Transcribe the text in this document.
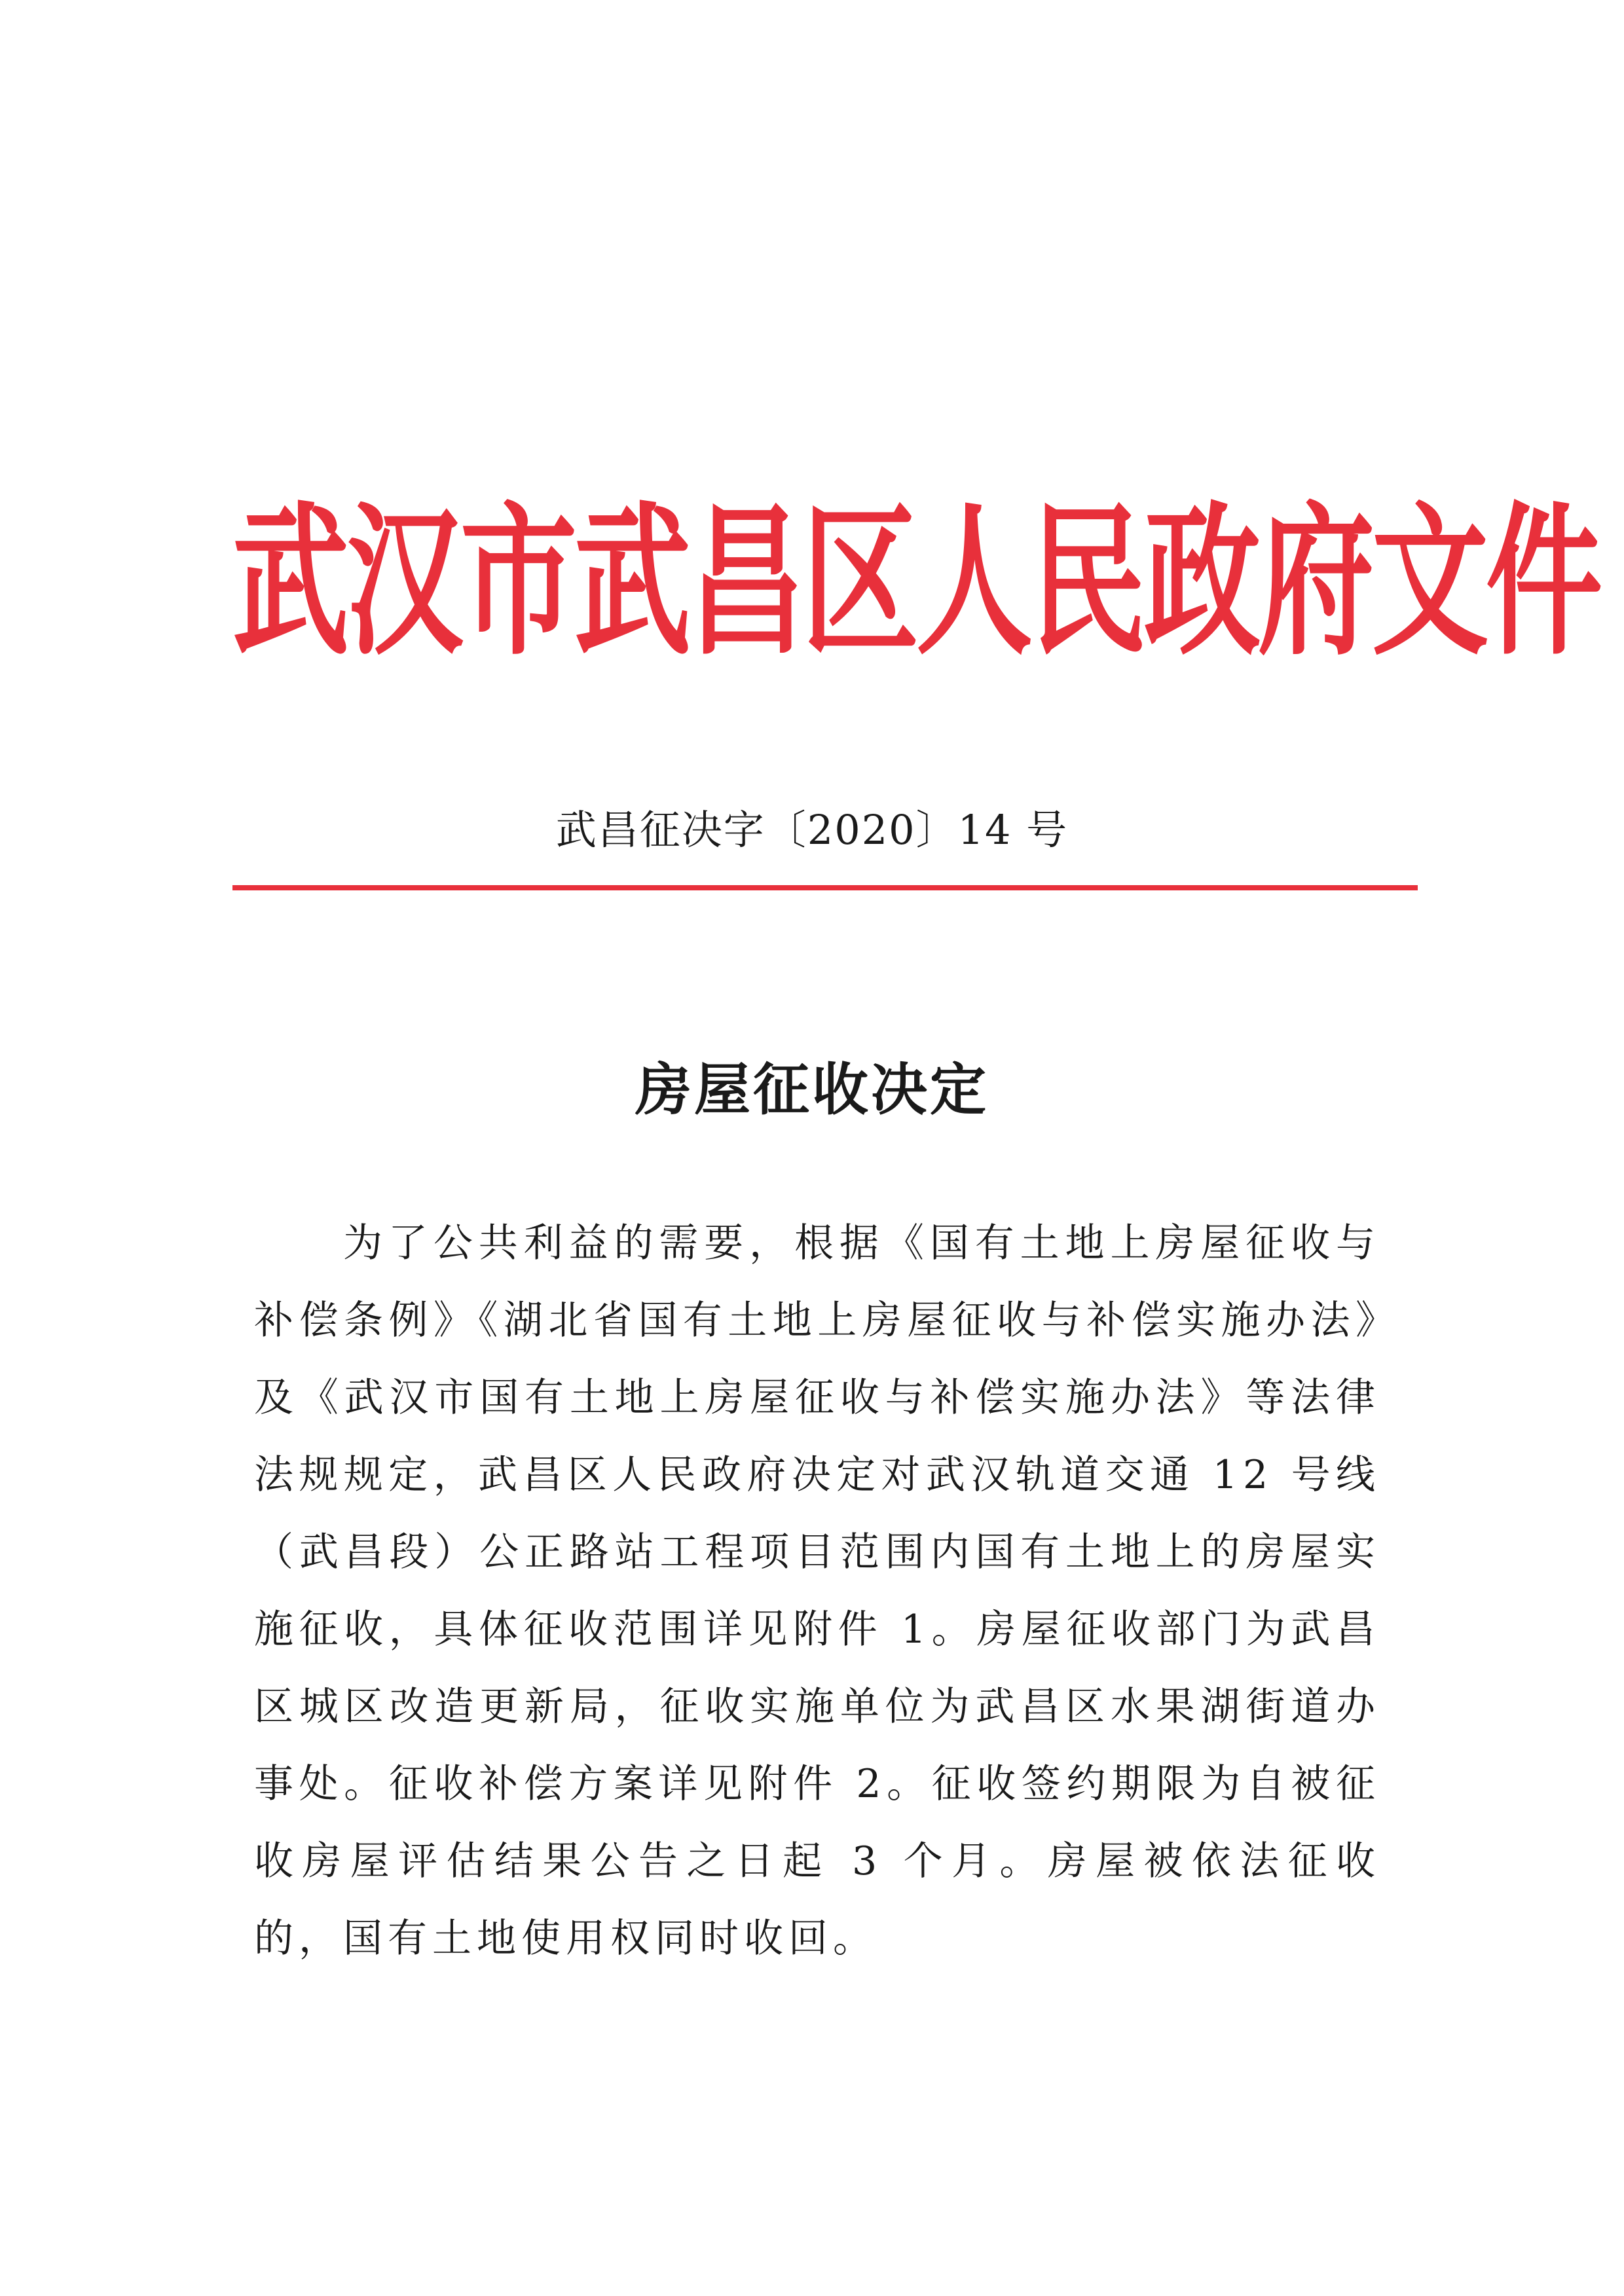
武汉市武昌区人民政府文件
武昌征决字〔2020〕14 号
房屋征收决定

为了公共利益的需要，根据《国有土地上房屋征收与补偿条例》《湖北省国有土地上房屋征收与补偿实施办法》及《武汉市国有土地上房屋征收与补偿实施办法》等法律法规规定，武昌区人民政府决定对武汉轨道交通 12 号线（武昌段）公正路站工程项目范围内国有土地上的房屋实施征收，具体征收范围详见附件 1。房屋征收部门为武昌区城区改造更新局，征收实施单位为武昌区水果湖街道办事处。征收补偿方案详见附件 2。征收签约期限为自被征收房屋评估结果公告之日起 3 个月。房屋被依法征收的，国有土地使用权同时收回。
